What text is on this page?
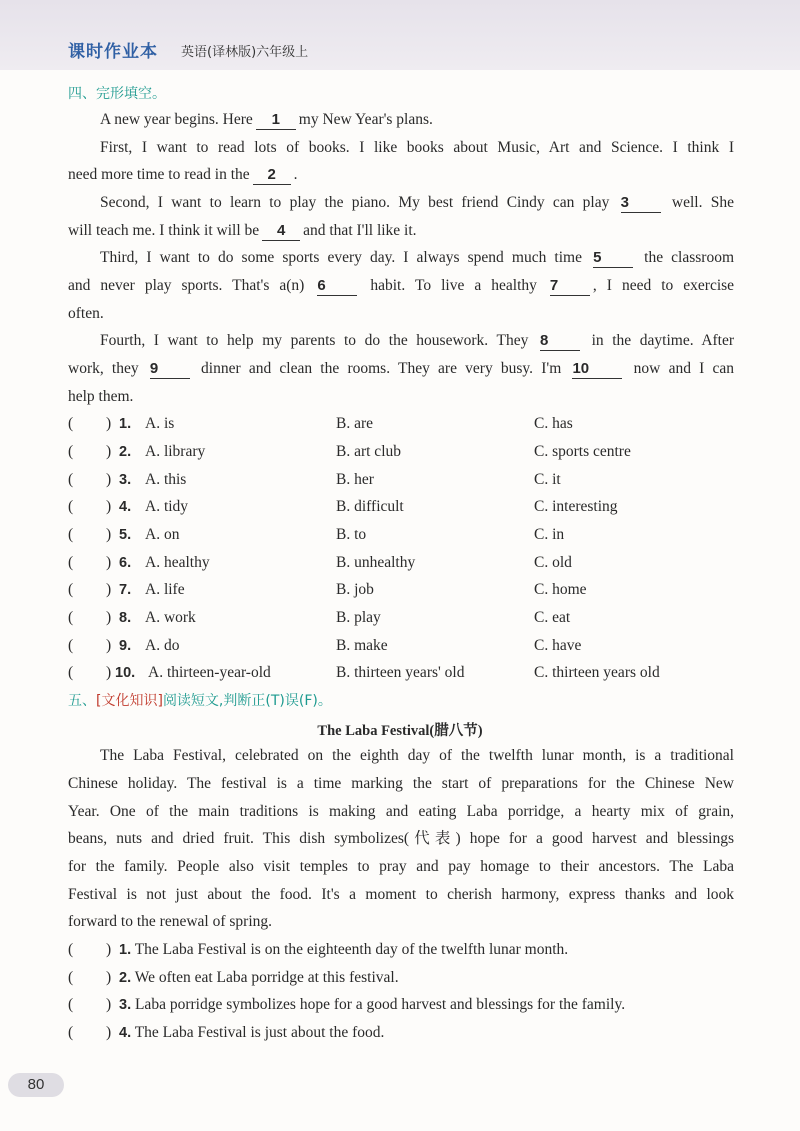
课时作业本 英语(译林版)六年级上
四、完形填空。
A new year begins. Here 1 my New Year's plans.
First, I want to read lots of books. I like books about Music, Art and Science. I think I
need more time to read in the 2 .
Second, I want to learn to play the piano. My best friend Cindy can play 3	well. She
will teach me. I think it will be 4 and that I'll like it.
Third, I want to do some sports every day. I always spend much time 5	the classroom
and never play sports. That's a(n) 6	habit. To live a healthy 7 , I need to exercise
often.
Fourth, I want to help my parents to do the housework. They 8	in the daytime. After
work, they 9	dinner and clean the rooms. They are very busy. I'm 10	now and I can
help them.
( ) 1. A. is	B. are	C. has
( ) 2. A. library	B. art club	C. sports centre
( ) 3. A. this	B. her	C. it
( ) 4. A. tidy	B. difficult	C. interesting
( ) 5. A. on	B. to	C. in
( ) 6. A. healthy	B. unhealthy	C. old
( ) 7. A. life	B. job	C. home
( ) 8. A. work	B. play	C. eat
( ) 9. A. do	B. make	C. have
( ) 10. A. thirteen-year-old	B. thirteen years' old	C. thirteen years old
五、[文化知识]阅读短文,判断正(T)误(F)。
The Laba Festival(腊八节)
The Laba Festival, celebrated on the eighth day of the twelfth lunar month, is a traditional
Chinese holiday. The festival is a time marking the start of preparations for the Chinese New
Year. One of the main traditions is making and eating Laba porridge, a hearty mix of grain,
beans, nuts and dried fruit. This dish symbolizes(代表) hope for a good harvest and blessings
for the family. People also visit temples to pray and pay homage to their ancestors. The Laba
Festival is not just about the food. It's a moment to cherish harmony, express thanks and look
forward to the renewal of spring.
( ) 1. The Laba Festival is on the eighteenth day of the twelfth lunar month.
( ) 2. We often eat Laba porridge at this festival.
( ) 3. Laba porridge symbolizes hope for a good harvest and blessings for the family.
( ) 4. The Laba Festival is just about the food.
80
